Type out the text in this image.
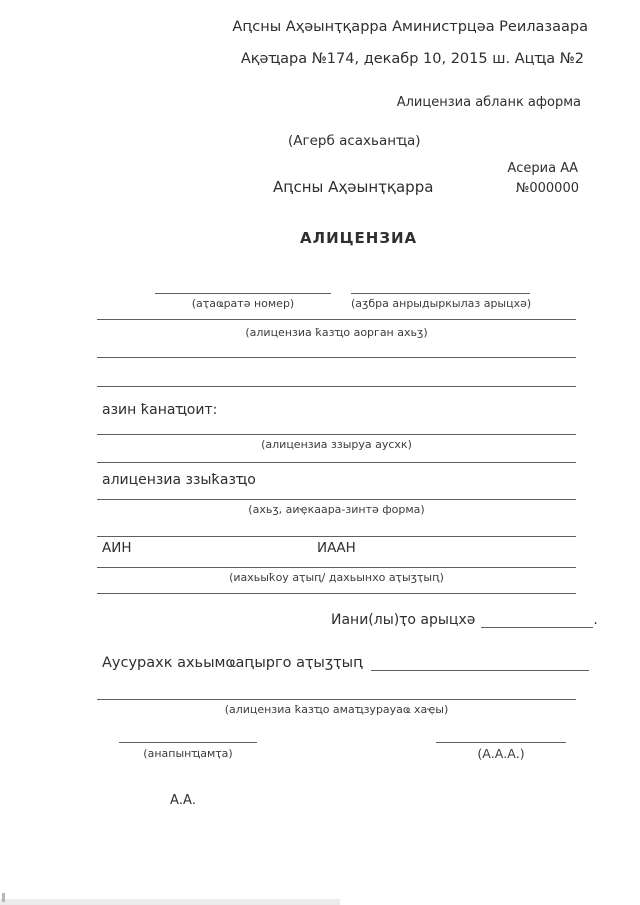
Аԥсны Аҳәынҭқарра Аминистрцәа Реилазаара
Ақәҵара №174, декабр 10, 2015 ш. Ацҵа №2
Алицензиа абланк аформа
(Агерб асахьанҵа)
Асериа АА
Аԥсны Аҳәынҭқарра	№000000
АЛИЦЕНЗИА
(аҭаҩратә номер)	(аӡбра анрыдыркылаз арыцхә)
(алицензиа ҟазҵо аорган ахьӡ)
азин ҟанаҵоит:
(алицензиа ззыруа аусхк)
алицензиа ззыҟазҵо
(ахьӡ, аиҿкаара-зинтә форма)
АИН	ИААН
(иахьыҟоу аҭыԥ/ дахьынхо аҭыӡҭыԥ)
Иани(лы)ҭо арыцхә	.
Аусурахк ахьымҩаԥырго аҭыӡҭыԥ
(алицензиа ҟазҵо амаҵзурауаҩ хаҿы)
(анапынҵамҭа)	(А.А.А.)
А.А.
